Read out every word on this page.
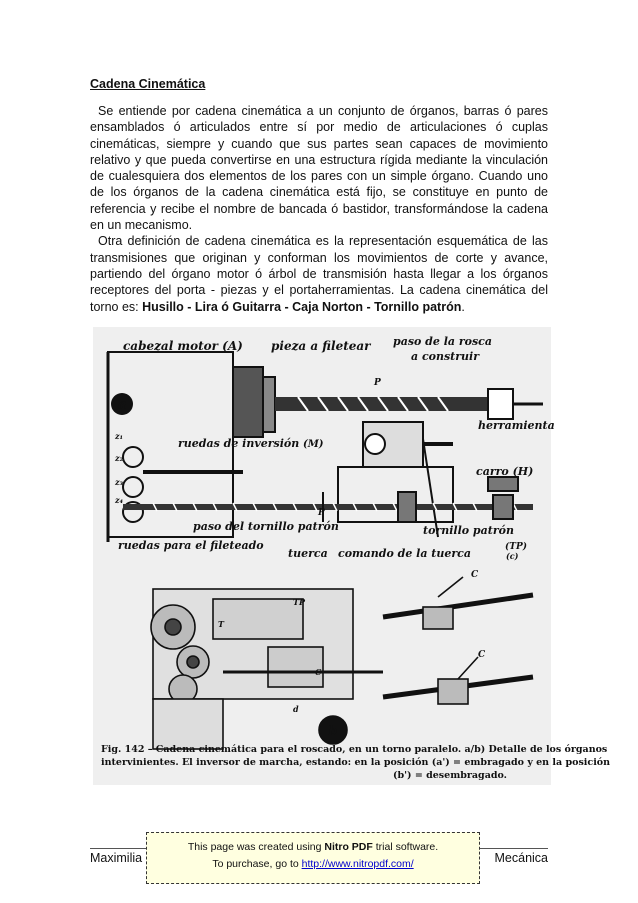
Cadena Cinemática

Se entiende por cadena cinemática a un conjunto de órganos, barras ó pares ensamblados ó articulados entre sí por medio de articulaciones ó cuplas cinemáticas, siempre y cuando que sus partes sean capaces de movimiento relativo y que pueda convertirse en una estructura rígida mediante la vinculación de cualesquiera dos elementos de los pares con un simple órgano. Cuando uno de los órganos de la cadena cinemática está fijo, se constituye en punto de referencia y recibe el nombre de bancada ó bastidor, transformándose la cadena en un mecanismo.

Otra definición de cadena cinemática es la representación esquemática de las transmisiones que originan y conforman los movimientos de corte y avance, partiendo del órgano motor ó árbol de transmisión hasta llegar a los órganos receptores del porta - piezas y el portaherramientas. La cadena cinemática del torno es: Husillo - Lira ó Guitarra - Caja Norton - Tornillo patrón.

a
cabezal motor (A) pieza a filetear paso de la rosca
a construir
P
herramienta
ruedas de inversión (M)
carro (H)
z₁
z₂
z₃
z₄
P
paso del tornillo patrón	tornillo patrón
(TP)
ruedas para el fileteado
tuerca comando de la tuerca	(c)
b
TP
C
C
C
T
d
Fig. 142 – Cadena cinemática para el roscado, en un torno paralelo. a/b) Detalle de los órganos
intervinientes. El inversor de marcha, estando: en la posición (a') = embragado y en la posición
(b') = desembragado.
Maximilia	Mecánica
This page was created using Nitro PDF trial software.
To purchase, go to http://www.nitropdf.com/
